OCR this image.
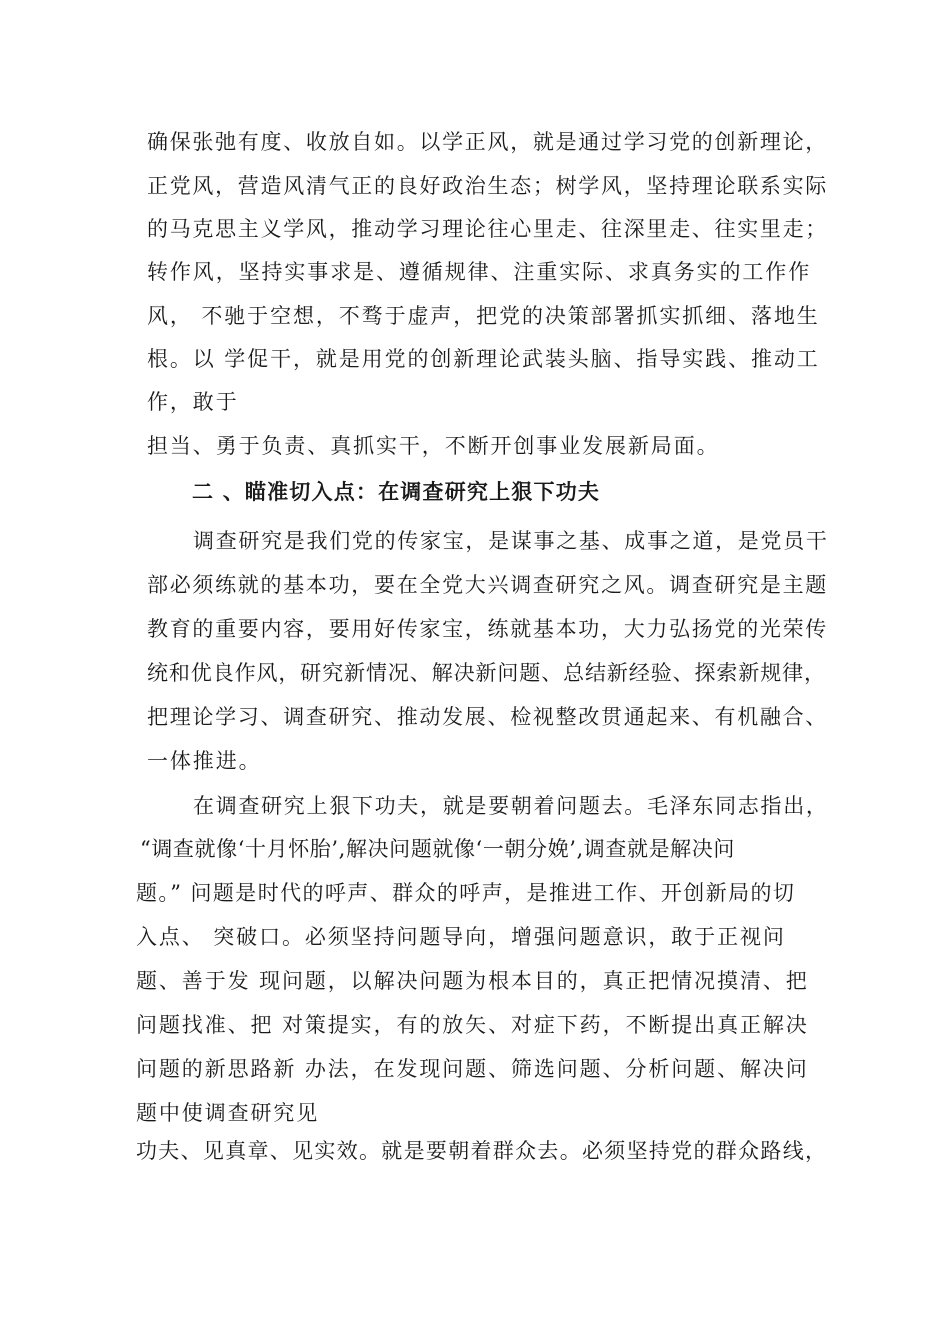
确保张弛有度、收放自如。以学正风，就是通过学习党的创新理论，

正党风，营造风清气正的良好政治生态；树学风，坚持理论联系实际

的马克思主义学风，推动学习理论往心里走、往深里走、往实里走；

转作风，坚持实事求是、遵循规律、注重实际、求真务实的工作作

风， 不驰于空想，不骛于虚声，把党的决策部署抓实抓细、落地生

根。以 学促干，就是用党的创新理论武装头脑、指导实践、推动工

作，敢于

担当、勇于负责、真抓实干，不断开创事业发展新局面。

二 、瞄准切入点：在调查研究上狠下功夫

调查研究是我们党的传家宝，是谋事之基、成事之道，是党员干

部必须练就的基本功，要在全党大兴调查研究之风。调查研究是主题

教育的重要内容，要用好传家宝，练就基本功，大力弘扬党的光荣传

统和优良作风，研究新情况、解决新问题、总结新经验、探索新规律，

把理论学习、调查研究、推动发展、检视整改贯通起来、有机融合、

一体推进。

在调查研究上狠下功夫，就是要朝着问题去。毛泽东同志指出，

“调查就像‘十月怀胎’,解决问题就像‘一朝分娩’,调查就是解决问

题。” 问题是时代的呼声、群众的呼声，是推进工作、开创新局的切

入点、 突破口。必须坚持问题导向，增强问题意识，敢于正视问

题、善于发 现问题，以解决问题为根本目的，真正把情况摸清、把

问题找准、把 对策提实，有的放矢、对症下药，不断提出真正解决

问题的新思路新 办法，在发现问题、筛选问题、分析问题、解决问

题中使调查研究见

功夫、见真章、见实效。就是要朝着群众去。必须坚持党的群众路线，
